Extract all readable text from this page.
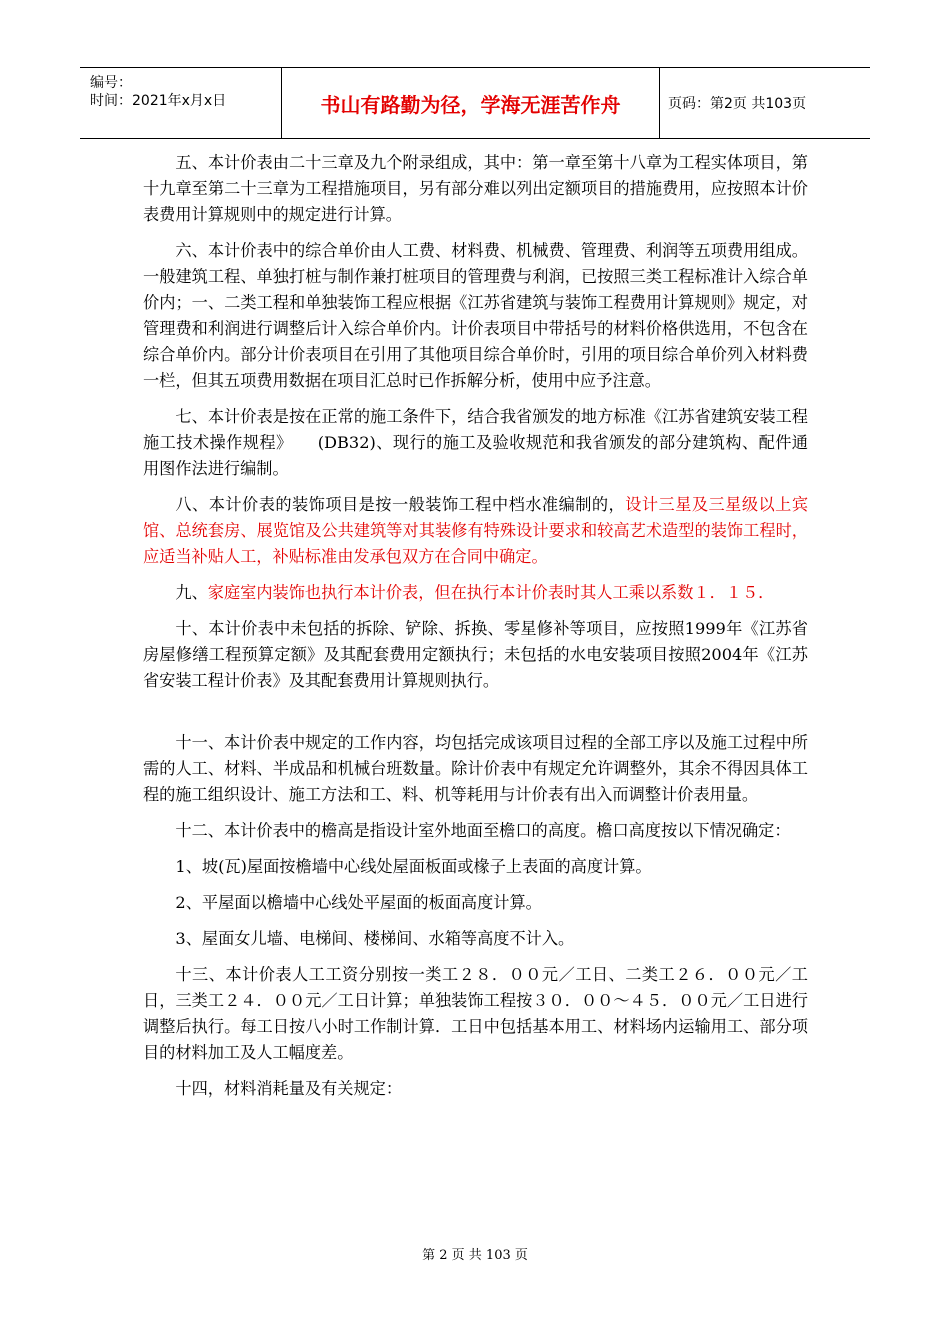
编号：
时间：2021年x月x日	书山有路勤为径，学海无涯苦作舟	页码：第2页 共103页

五、本计价表由二十三章及九个附录组成，其中：第一章至第十八章为工程实体项目，第十九章至第二十三章为工程措施项目，另有部分难以列出定额项目的措施费用，应按照本计价表费用计算规则中的规定进行计算。

六、本计价表中的综合单价由人工费、材料费、机械费、管理费、利润等五项费用组成。一般建筑工程、单独打桩与制作兼打桩项目的管理费与利润，已按照三类工程标准计入综合单价内；一、二类工程和单独装饰工程应根据《江苏省建筑与装饰工程费用计算规则》规定，对管理费和利润进行调整后计入综合单价内。计价表项目中带括号的材料价格供选用，不包含在综合单价内。部分计价表项目在引用了其他项目综合单价时，引用的项目综合单价列入材料费一栏，但其五项费用数据在项目汇总时已作拆解分析，使用中应予注意。

七、本计价表是按在正常的施工条件下，结合我省颁发的地方标准《江苏省建筑安装工程施工技术操作规程》　　(DB32)、现行的施工及验收规范和我省颁发的部分建筑构、配件通用图作法进行编制。

八、本计价表的装饰项目是按一般装饰工程中档水准编制的，设计三星及三星级以上宾馆、总统套房、展览馆及公共建筑等对其装修有特殊设计要求和较高艺术造型的装饰工程时，应适当补贴人工，补贴标准由发承包双方在合同中确定。

九、家庭室内装饰也执行本计价表，但在执行本计价表时其人工乘以系数１．１５．

十、本计价表中未包括的拆除、铲除、拆换、零星修补等项目，应按照1999年《江苏省房屋修缮工程预算定额》及其配套费用定额执行；未包括的水电安装项目按照2004年《江苏省安装工程计价表》及其配套费用计算规则执行。

十一、本计价表中规定的工作内容，均包括完成该项目过程的全部工序以及施工过程中所需的人工、材料、半成品和机械台班数量。除计价表中有规定允许调整外，其余不得因具体工程的施工组织设计、施工方法和工、料、机等耗用与计价表有出入而调整计价表用量。

十二、本计价表中的檐高是指设计室外地面至檐口的高度。檐口高度按以下情况确定：

1、坡(瓦)屋面按檐墙中心线处屋面板面或椽子上表面的高度计算。

2、平屋面以檐墙中心线处平屋面的板面高度计算。

3、屋面女儿墙、电梯间、楼梯间、水箱等高度不计入。

十三、本计价表人工工资分别按一类工２８．００元／工日、二类工２６．００元／工日，三类工２４．００元／工日计算；单独装饰工程按３０．００～４５．００元／工日进行调整后执行。每工日按八小时工作制计算．工日中包括基本用工、材料场内运输用工、部分项目的材料加工及人工幅度差。

十四，材料消耗量及有关规定：

第 2 页 共 103 页
